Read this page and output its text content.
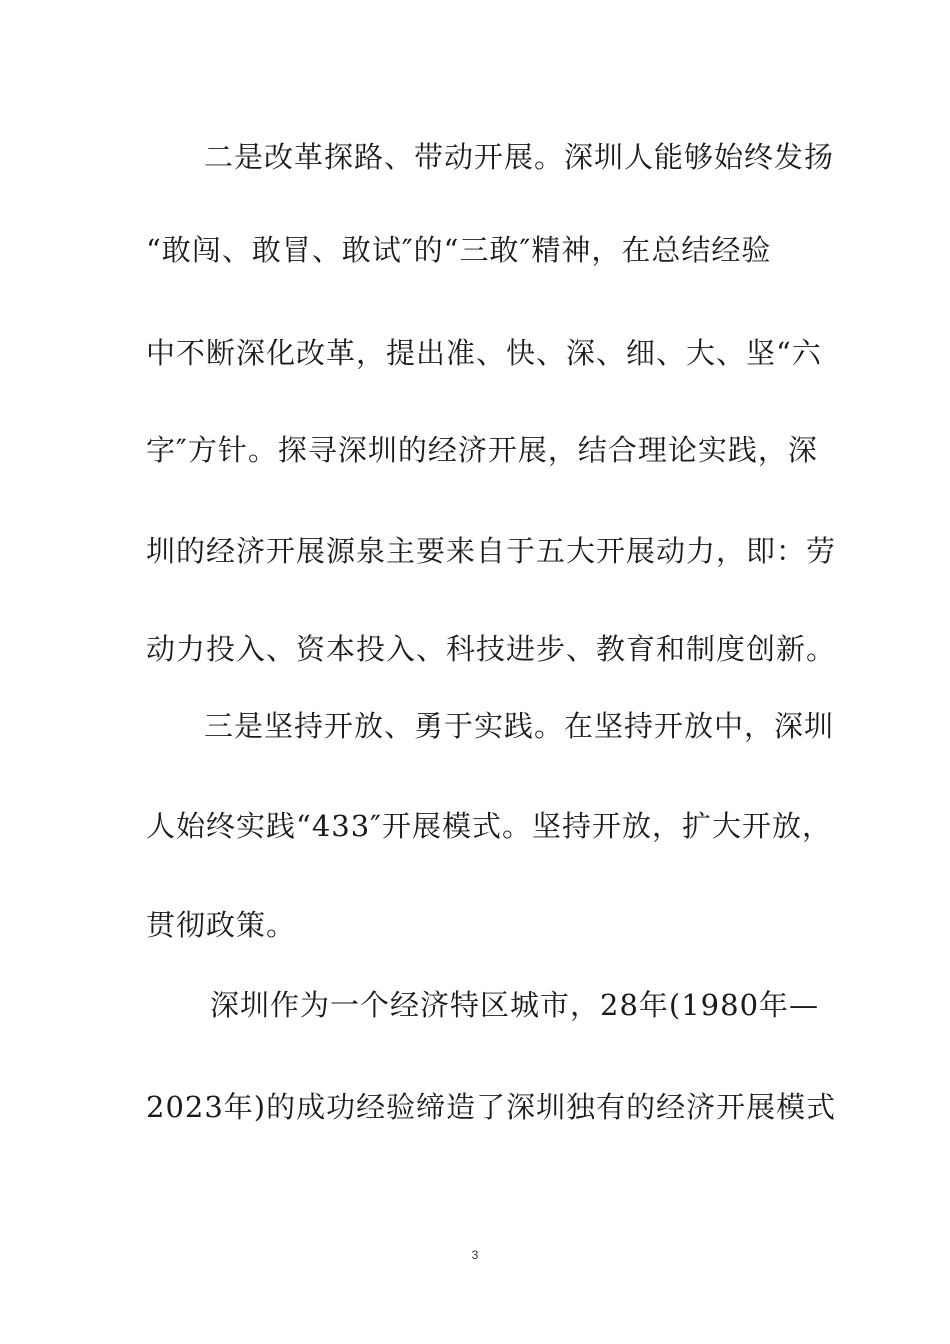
二是改革探路、带动开展。深圳人能够始终发扬
“敢闯、敢冒、敢试″的“三敢″精神，在总结经验
中不断深化改革，提出准、快、深、细、大、坚“六
字″方针。探寻深圳的经济开展，结合理论实践，深
圳的经济开展源泉主要来自于五大开展动力，即：劳
动力投入、资本投入、科技进步、教育和制度创新。
三是坚持开放、勇于实践。在坚持开放中，深圳
人始终实践“433″开展模式。坚持开放，扩大开放，
贯彻政策。
深圳作为一个经济特区城市，28年(1980年—
2023年)的成功经验缔造了深圳独有的经济开展模式
3
